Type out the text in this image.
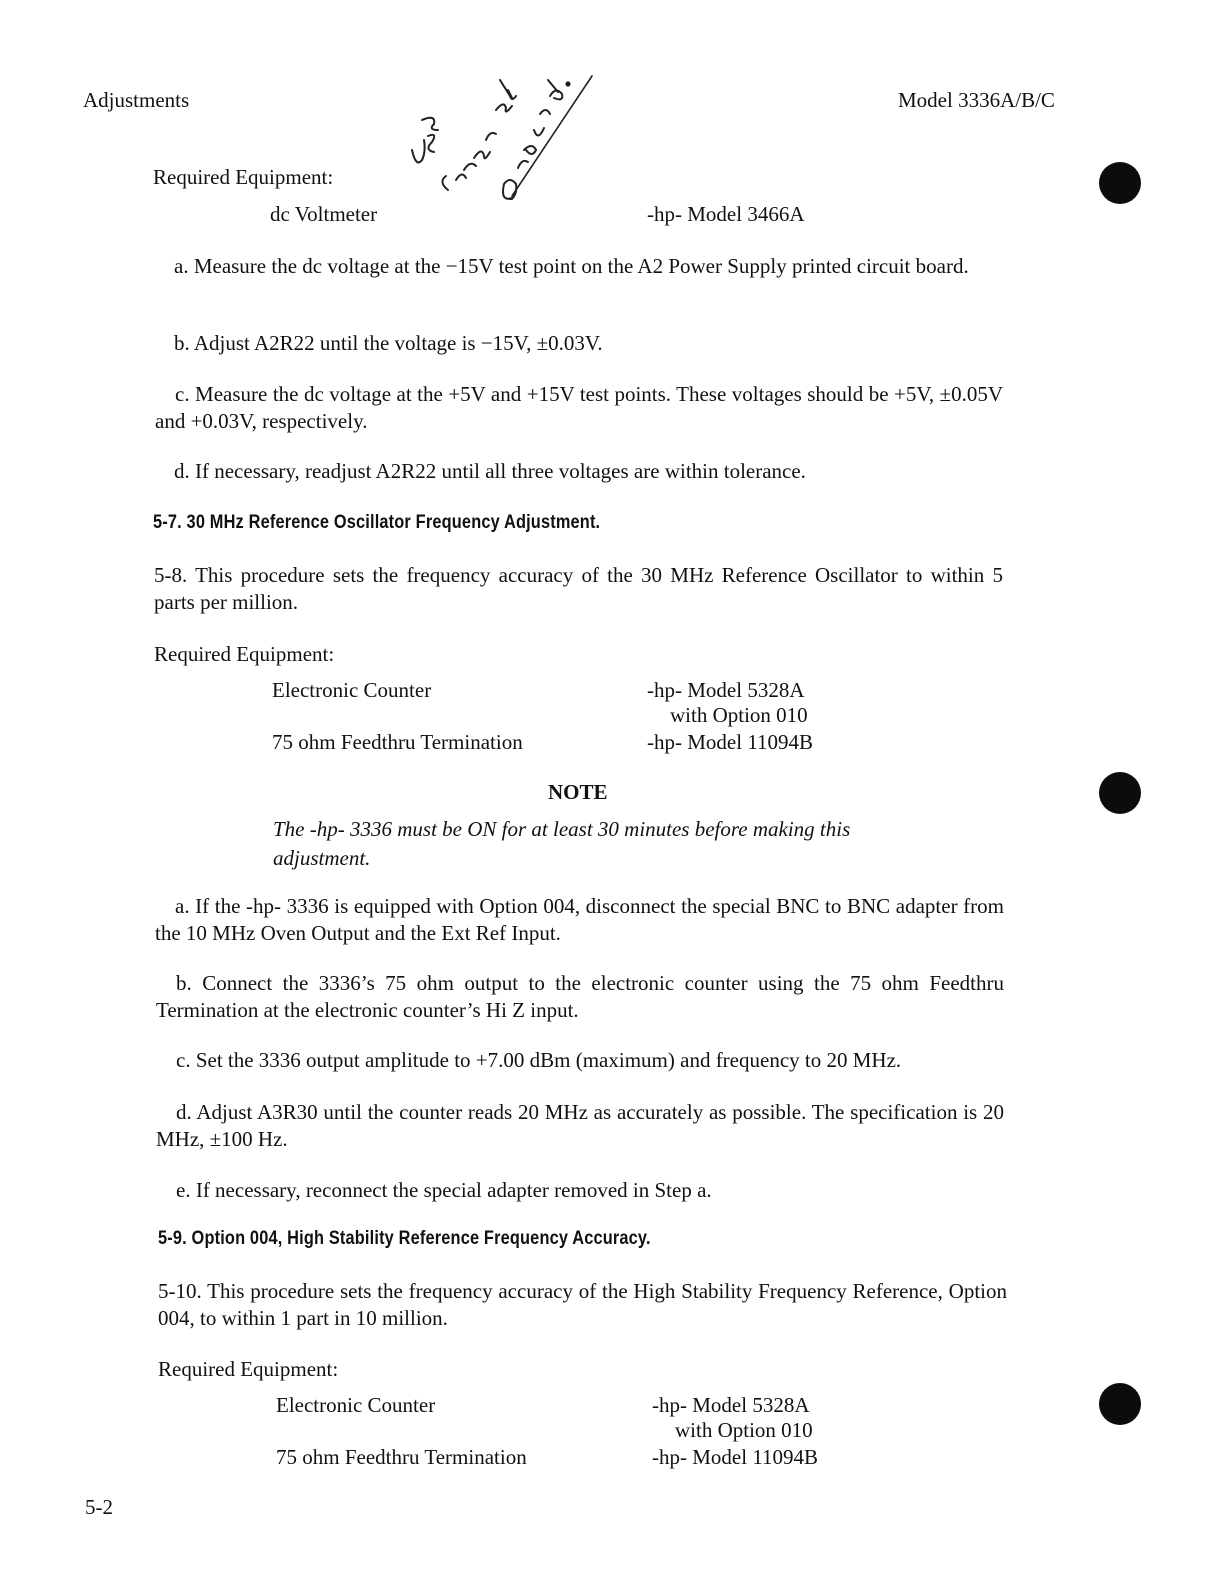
Adjustments	Model 3336A/B/C
Required Equipment:
dc Voltmeter	-hp- Model 3466A
a. Measure the dc voltage at the −15V test point on the A2 Power Supply printed circuit board.
b. Adjust A2R22 until the voltage is −15V, ±0.03V.
c. Measure the dc voltage at the +5V and +15V test points. These voltages should be +5V, ±0.05V and +0.03V, respectively.
d. If necessary, readjust A2R22 until all three voltages are within tolerance.
5-7. 30 MHz Reference Oscillator Frequency Adjustment.
5-8. This procedure sets the frequency accuracy of the 30 MHz Reference Oscillator to within 5 parts per million.
Required Equipment:
Electronic Counter	-hp- Model 5328A
with Option 010
75 ohm Feedthru Termination	-hp- Model 11094B
NOTE
The -hp- 3336 must be ON for at least 30 minutes before making this adjustment.
a. If the -hp- 3336 is equipped with Option 004, disconnect the special BNC to BNC adapter from the 10 MHz Oven Output and the Ext Ref Input.
b. Connect the 3336’s 75 ohm output to the electronic counter using the 75 ohm Feedthru Termination at the electronic counter’s Hi Z input.
c. Set the 3336 output amplitude to +7.00 dBm (maximum) and frequency to 20 MHz.
d. Adjust A3R30 until the counter reads 20 MHz as accurately as possible. The specification is 20 MHz, ±100 Hz.
e. If necessary, reconnect the special adapter removed in Step a.
5-9. Option 004, High Stability Reference Frequency Accuracy.
5-10. This procedure sets the frequency accuracy of the High Stability Frequency Reference, Option 004, to within 1 part in 10 million.
Required Equipment:
Electronic Counter	-hp- Model 5328A
with Option 010
75 ohm Feedthru Termination	-hp- Model 11094B
5-2
